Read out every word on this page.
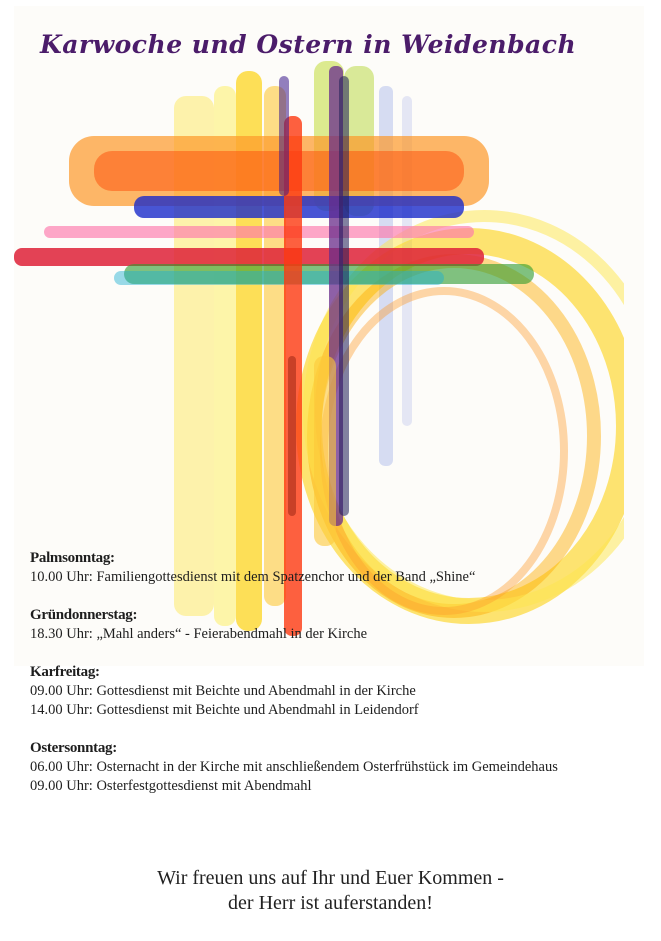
Karwoche und Ostern in Weidenbach
Palmsonntag:
10.00 Uhr: Familiengottesdienst mit dem Spatzenchor und der Band „Shine“
Gründonnerstag:
18.30 Uhr: „Mahl anders“ - Feierabendmahl in der Kirche
Karfreitag:
09.00 Uhr: Gottesdienst mit Beichte und Abendmahl in der Kirche
14.00 Uhr: Gottesdienst mit Beichte und Abendmahl in Leidendorf
Ostersonntag:
06.00 Uhr: Osternacht in der Kirche mit anschließendem Osterfrühstück im Gemeindehaus
09.00 Uhr: Osterfestgottesdienst mit Abendmahl
Wir freuen uns auf Ihr und Euer Kommen -
der Herr ist auferstanden!
